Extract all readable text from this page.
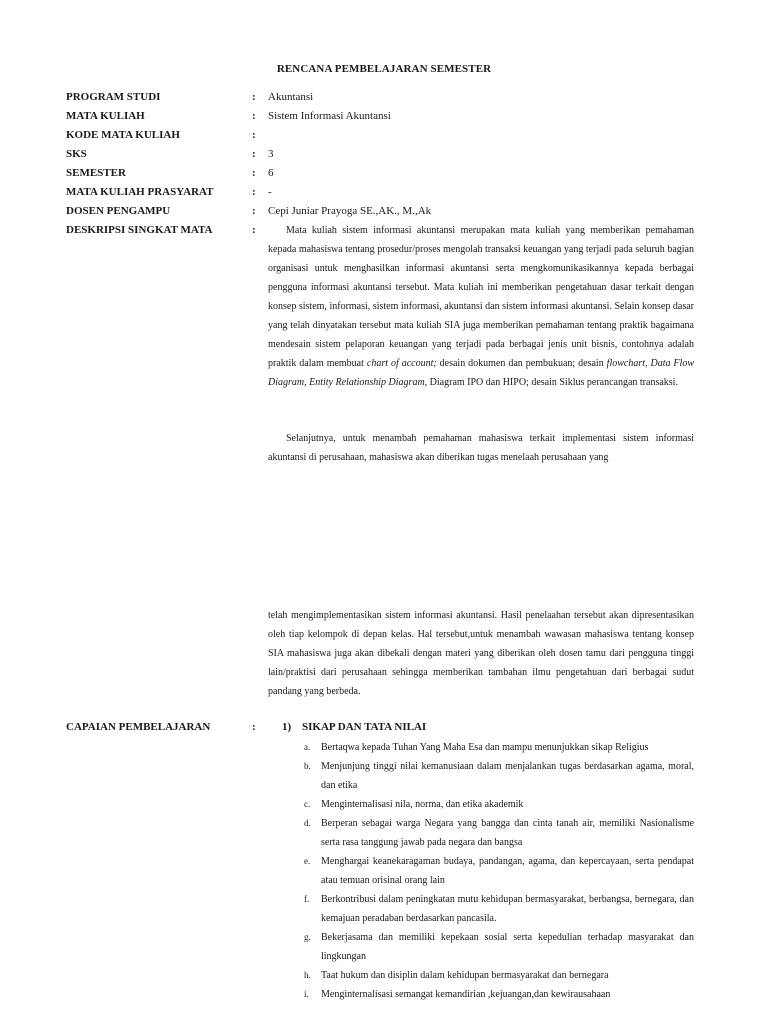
RENCANA PEMBELAJARAN SEMESTER
PROGRAM STUDI	: Akuntansi
MATA KULIAH	: Sistem Informasi Akuntansi
KODE MATA KULIAH	:
SKS	: 3
SEMESTER	: 6
MATA KULIAH PRASYARAT	: -
DOSEN PENGAMPU	: Cepi Juniar Prayoga SE.,AK., M.,Ak
DESKRIPSI SINGKAT MATA	:	Mata kuliah sistem informasi akuntansi merupakan mata kuliah yang memberikan pemahaman kepada mahasiswa tentang prosedur/proses mengolah transaksi keuangan yang terjadi pada seluruh bagian organisasi untuk menghasilkan informasi akuntansi serta mengkomunikasikannya kepada berbagai pengguna informasi akuntansi tersebut. Mata kuliah ini memberikan pengetahuan dasar terkait dengan konsep sistem, informasi, sistem informasi, akuntansi dan sistem informasi akuntansi. Selain konsep dasar yang telah dinyatakan tersebut mata kuliah SIA juga memberikan pemahaman tentang praktik bagaimana mendesain sistem pelaporan keuangan yang terjadi pada berbagai jenis unit bisnis, contohnya adalah praktik dalam membuat chart of account; desain dokumen dan pembukuan; desain flowchart, Data Flow Diagram, Entity Relationship Diagram, Diagram IPO dan HIPO; desain Siklus perancangan transaksi.

Selanjutnya, untuk menambah pemahaman mahasiswa terkait implementasi sistem informasi akuntansi di perusahaan, mahasiswa akan diberikan tugas menelaah perusahaan yang

telah mengimplementasikan sistem informasi akuntansi. Hasil penelaahan tersebut akan dipresentasikan oleh tiap kelompok di depan kelas. Hal tersebut,untuk menambah wawasan mahasiswa tentang konsep SIA mahasiswa juga akan dibekali dengan materi yang diberikan oleh dosen tamu dari pengguna tinggi lain/praktisi dari perusahaan sehingga memberikan tambahan ilmu pengetahuan dari berbagai sudut pandang yang berbeda.

CAPAIAN PEMBELAJARAN	: 1) SIKAP DAN TATA NILAI
a. Bertaqwa kepada Tuhan Yang Maha Esa dan mampu menunjukkan sikap Religius
b. Menjunjung tinggi nilai kemanusiaan dalam menjalankan tugas berdasarkan agama, moral, dan etika
c. Menginternalisasi nila, norma, dan etika akademik
d. Berperan sebagai warga Negara yang bangga dan cinta tanah air, memiliki Nasionalisme serta rasa tanggung jawab pada negara dan bangsa
e. Menghargai keanekaragaman budaya, pandangan, agama, dan kepercayaan, serta pendapat atau temuan orisinal orang lain
f. Berkontribusi dalam peningkatan mutu kehidupan bermasyarakat, berbangsa, bernegara, dan kemajuan peradaban berdasarkan pancasila.
g. Bekerjasama dan memiliki kepekaan sosial serta kepedulian terhadap masyarakat dan lingkungan
h. Taat hukum dan disiplin dalam kehidupan bermasyarakat dan bernegara
i. Menginternalisasi semangat kemandirian ,kejuangan,dan kewirausahaan
